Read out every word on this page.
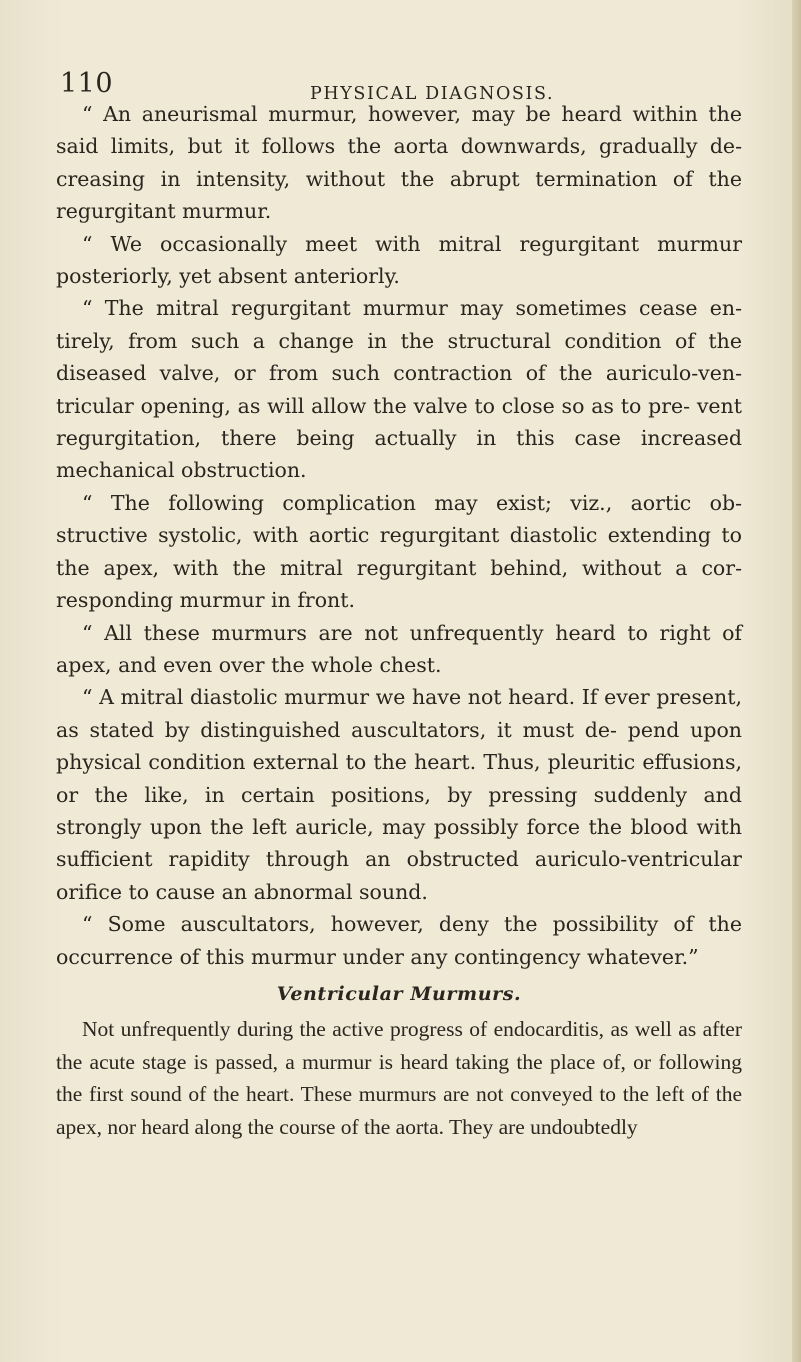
110	PHYSICAL DIAGNOSIS.

“ An aneurismal murmur, however, may be heard within the said limits, but it follows the aorta downwards, gradually de- creasing in intensity, without the abrupt termination of the regurgitant murmur.

“ We occasionally meet with mitral regurgitant murmur posteriorly, yet absent anteriorly.

“ The mitral regurgitant murmur may sometimes cease en- tirely, from such a change in the structural condition of the diseased valve, or from such contraction of the auriculo-ven- tricular opening, as will allow the valve to close so as to pre- vent regurgitation, there being actually in this case increased mechanical obstruction.

“ The following complication may exist; viz., aortic ob- structive systolic, with aortic regurgitant diastolic extending to the apex, with the mitral regurgitant behind, without a cor- responding murmur in front.

“ All these murmurs are not unfrequently heard to right of apex, and even over the whole chest.

“ A mitral diastolic murmur we have not heard. If ever present, as stated by distinguished auscultators, it must de- pend upon physical condition external to the heart. Thus, pleuritic effusions, or the like, in certain positions, by pressing suddenly and strongly upon the left auricle, may possibly force the blood with sufficient rapidity through an obstructed auriculo-ventricular orifice to cause an abnormal sound.

“ Some auscultators, however, deny the possibility of the occurrence of this murmur under any contingency whatever.”

Ventricular Murmurs.

Not unfrequently during the active progress of endocarditis, as well as after the acute stage is passed, a murmur is heard taking the place of, or following the first sound of the heart. These murmurs are not conveyed to the left of the apex, nor heard along the course of the aorta. They are undoubtedly
